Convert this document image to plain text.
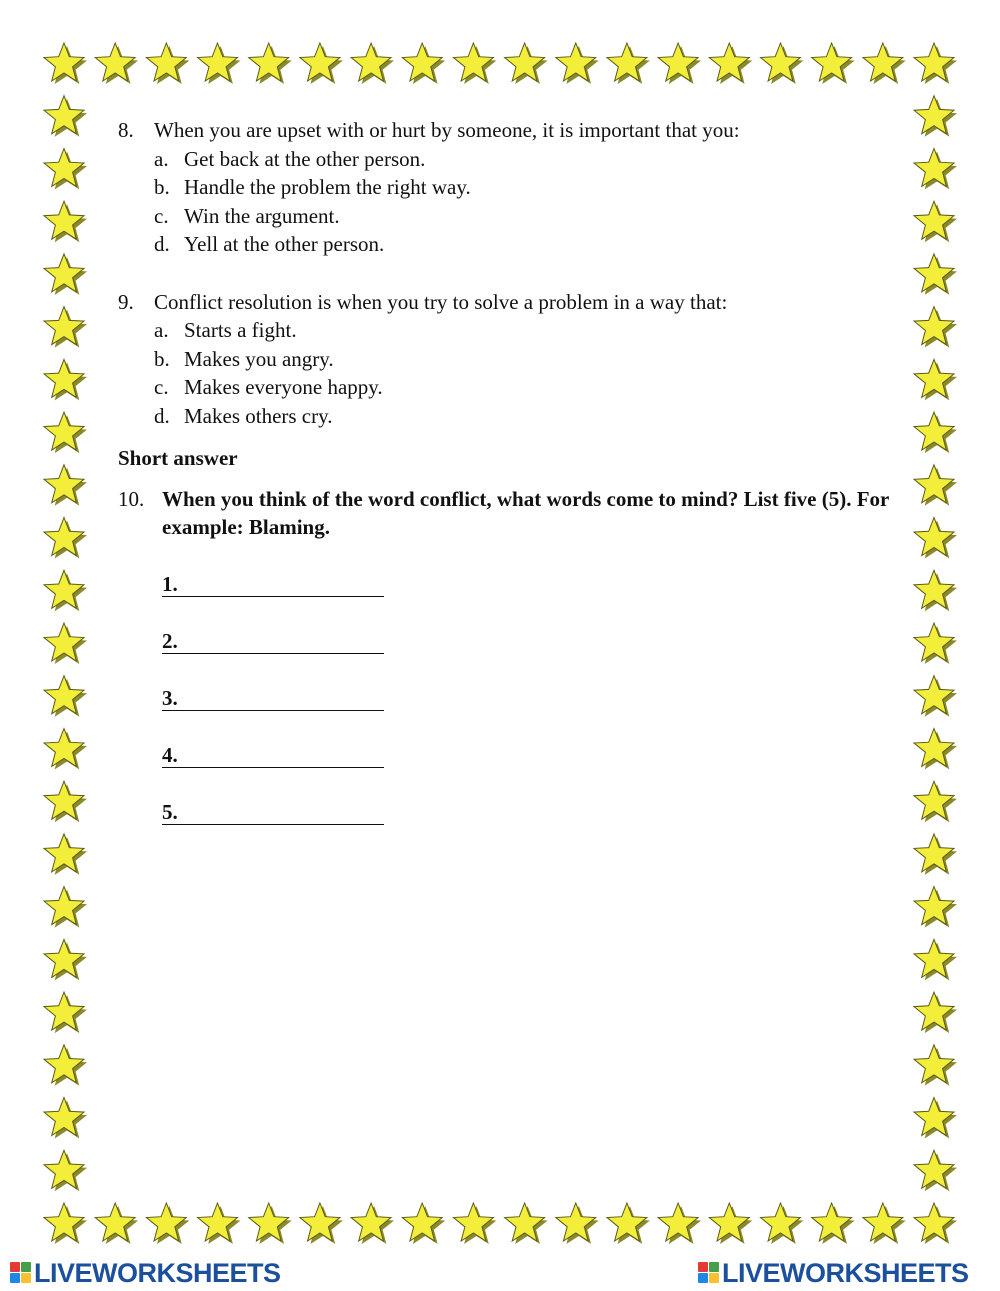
8. When you are upset with or hurt by someone, it is important that you:
a. Get back at the other person.
b. Handle the problem the right way.
c. Win the argument.
d. Yell at the other person.
9. Conflict resolution is when you try to solve a problem in a way that:
a. Starts a fight.
b. Makes you angry.
c. Makes everyone happy.
d. Makes others cry.
Short answer
10. When you think of the word conflict, what words come to mind? List five (5). For example: Blaming.
1.
2.
3.
4.
5.
LIVEWORKSHEETS	LIVEWORKSHEETS
